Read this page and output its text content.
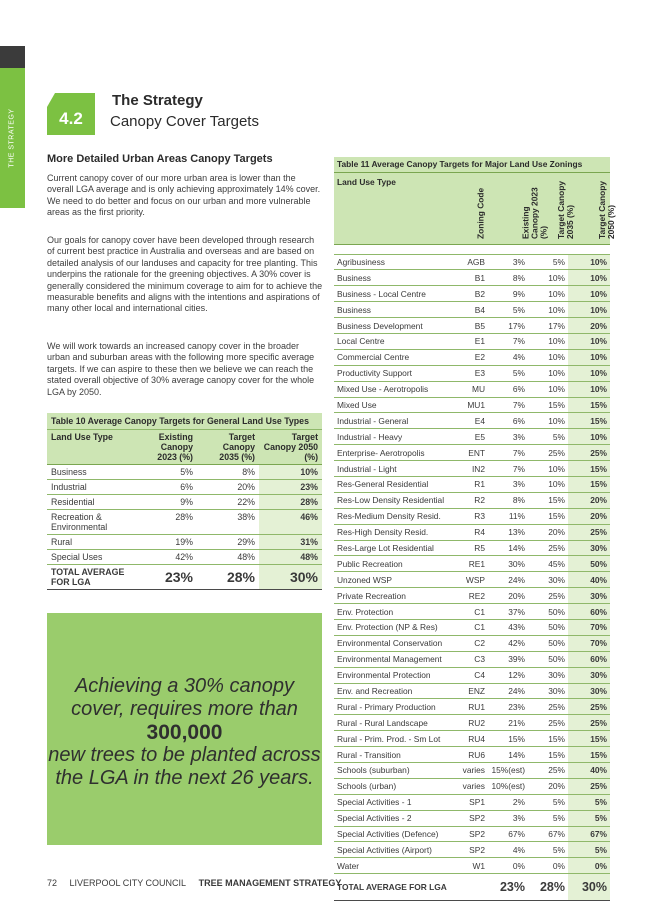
THE STRATEGY	4.2
The Strategy
Canopy Cover Targets
More Detailed Urban Areas Canopy Targets

Current canopy cover of our more urban area is lower than the overall LGA average and is only achieving approximately 14% cover. We need to do better and focus on our urban and more vulnerable areas as the first priority.

Our goals for canopy cover have been developed through research of current best practice in Australia and overseas and are based on detailed analysis of our landuses and capacity for tree planting. This underpins the rationale for the greening objectives. A 30% cover is generally considered the minimum coverage to aim for to achieve the measurable benefits and aligns with the intentions and aspirations of many other local and international cities.

We will work towards an increased canopy cover in the broader urban and suburban areas with the following more specific average targets. If we can aspire to these then we believe we can reach the stated overall objective of 30% average canopy cover for the whole LGA by 2050.

Table 10 Average Canopy Targets for General Land Use Types			
Land Use Type	Existing Canopy 2023 (%)	Target Canopy 2035 (%)	Target Canopy 2050 (%)
Business	5%	8%	10%
Industrial	6%	20%	23%
Residential	9%	22%	28%
Recreation & Environmental	28%	38%	46%
Rural	19%	29%	31%
Special Uses	42%	48%	48%
TOTAL AVERAGE FOR LGA	23%	28%	30%
Achieving a 30% canopy cover, requires more than
300,000
new trees to be planted across the LGA in the next 26 years.
Table 11 Average Canopy Targets for Major Land Use Zonings				
Land Use Type	Zoning Code	Existing Canopy 2023 (%)	Target Canopy 2035 (%)	Target Canopy 2050 (%)

Agribusiness	AGB	3%	5%	10%
Business	B1	8%	10%	10%
Business - Local Centre	B2	9%	10%	10%
Business	B4	5%	10%	10%
Business Development	B5	17%	17%	20%
Local Centre	E1	7%	10%	10%
Commercial Centre	E2	4%	10%	10%
Productivity Support	E3	5%	10%	10%
Mixed Use - Aerotropolis	MU	6%	10%	10%
Mixed Use	MU1	7%	15%	15%
Industrial - General	E4	6%	10%	15%
Industrial - Heavy	E5	3%	5%	10%
Enterprise- Aerotropolis	ENT	7%	25%	25%
Industrial - Light	IN2	7%	10%	15%
Res-General Residential	R1	3%	10%	15%
Res-Low Density Residential	R2	8%	15%	20%
Res-Medium Density Resid.	R3	11%	15%	20%
Res-High Density Resid.	R4	13%	20%	25%
Res-Large Lot Residential	R5	14%	25%	30%
Public Recreation	RE1	30%	45%	50%
Unzoned WSP	WSP	24%	30%	40%
Private Recreation	RE2	20%	25%	30%
Env. Protection	C1	37%	50%	60%
Env. Protection (NP & Res)	C1	43%	50%	70%
Environmental Conservation	C2	42%	50%	70%
Environmental Management	C3	39%	50%	60%
Environmental Protection	C4	12%	30%	30%
Env. and Recreation	ENZ	24%	30%	30%
Rural - Primary Production	RU1	23%	25%	25%
Rural - Rural Landscape	RU2	21%	25%	25%
Rural - Prim. Prod. - Sm Lot	RU4	15%	15%	15%
Rural - Transition	RU6	14%	15%	15%
Schools (suburban)	varies	15%(est)	25%	40%
Schools (urban)	varies	10%(est)	20%	25%
Special Activities - 1	SP1	2%	5%	5%
Special Activities - 2	SP2	3%	5%	5%
Special Activities (Defence)	SP2	67%	67%	67%
Special Activities (Airport)	SP2	4%	5%	5%
Water	W1	0%	0%	0%
TOTAL AVERAGE FOR LGA		23%	28%	30%
72 LIVERPOOL CITY COUNCIL TREE MANAGEMENT STRATEGY
